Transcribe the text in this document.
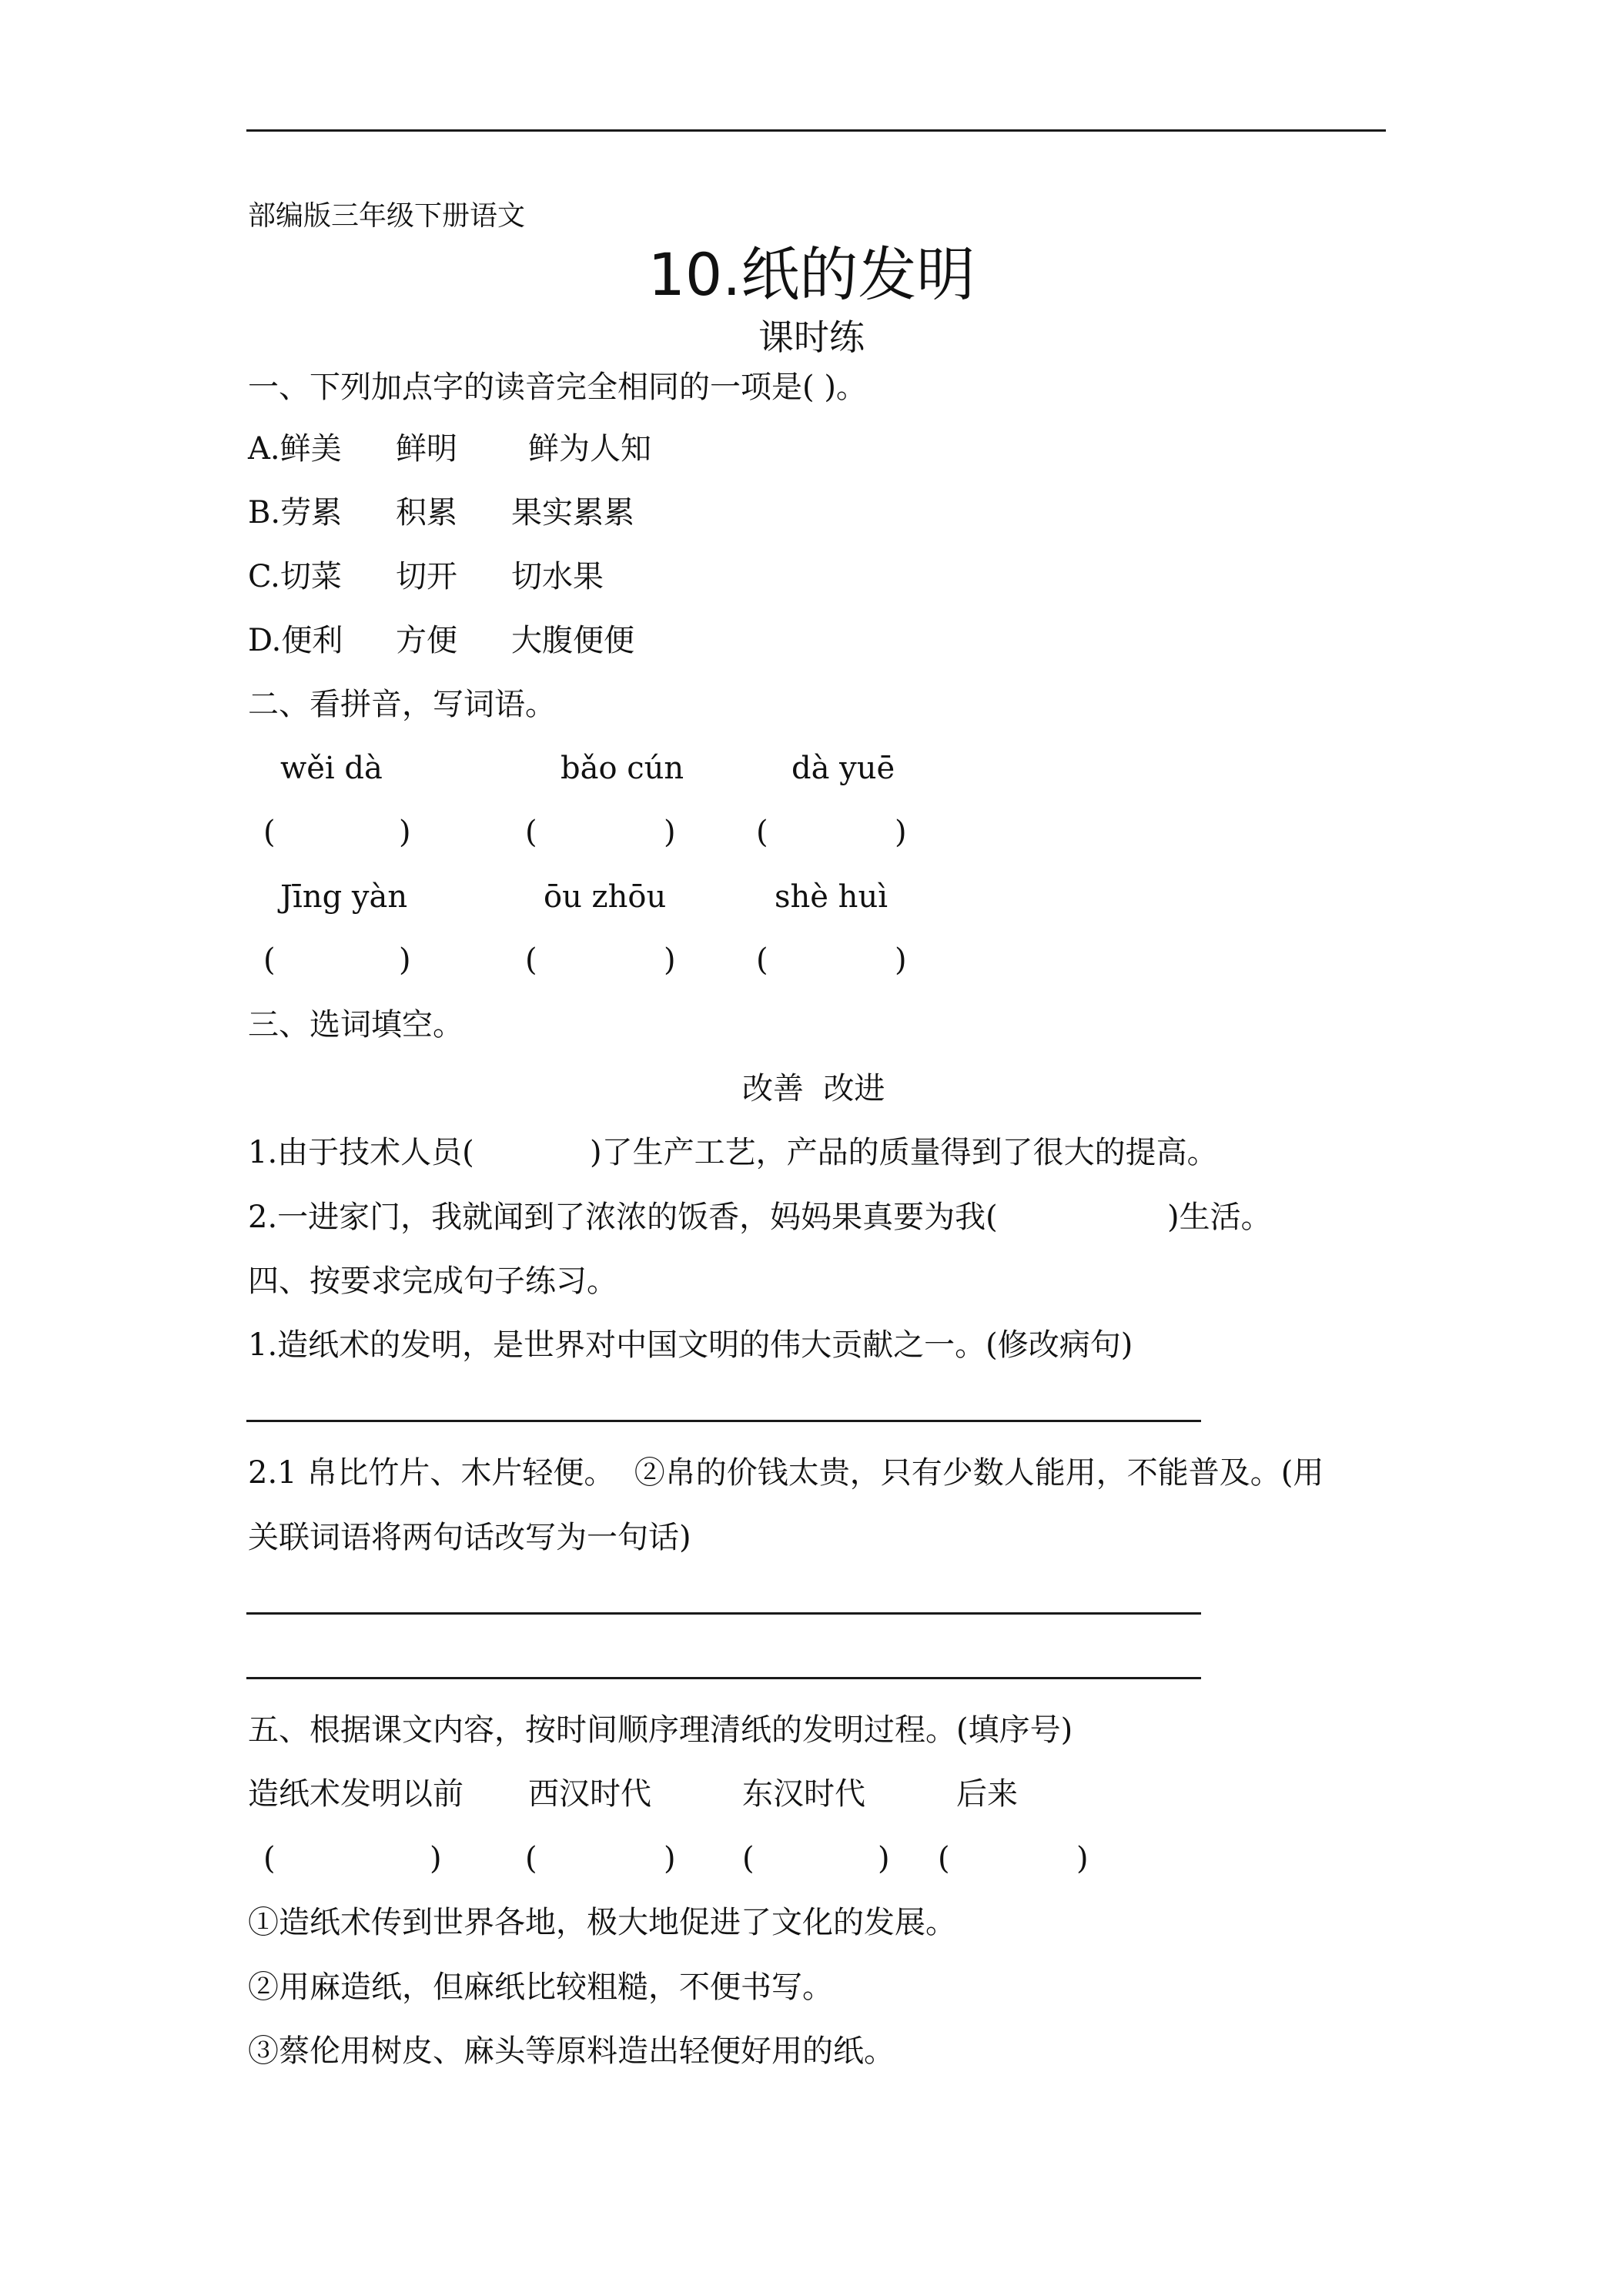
部编版三年级下册语文
10.纸的发明
课时练
一、下列加点字的读音完全相同的一项是( )。
A.鲜美 鲜明 鲜为人知
B.劳累 积累 果实累累
C.切菜 切开 切水果
D.便利 方便 大腹便便
二、看拼音，写词语。
wěi dà	bǎo cún	dà yuē
(	)	(	)	(	)
Jīng yàn	ōu zhōu	shè huì
(	)	(	)	(	)
三、选词填空。
改善  改进
1.由于技术人员(	)了生产工艺，产品的质量得到了很大的提高。
2.一进家门，我就闻到了浓浓的饭香，妈妈果真要为我(	)生活。
四、按要求完成句子练习。
1.造纸术的发明，是世界对中国文明的伟大贡献之一。(修改病句)
2.1 帛比竹片、木片轻便。  ②帛的价钱太贵，只有少数人能用，不能普及。(用
关联词语将两句话改写为一句话)
五、根据课文内容，按时间顺序理清纸的发明过程。(填序号)
造纸术发明以前 西汉时代	东汉时代	后来
(	)	(	) (	) (	)
①造纸术传到世界各地，极大地促进了文化的发展。
②用麻造纸，但麻纸比较粗糙，不便书写。
③蔡伦用树皮、麻头等原料造出轻便好用的纸。
